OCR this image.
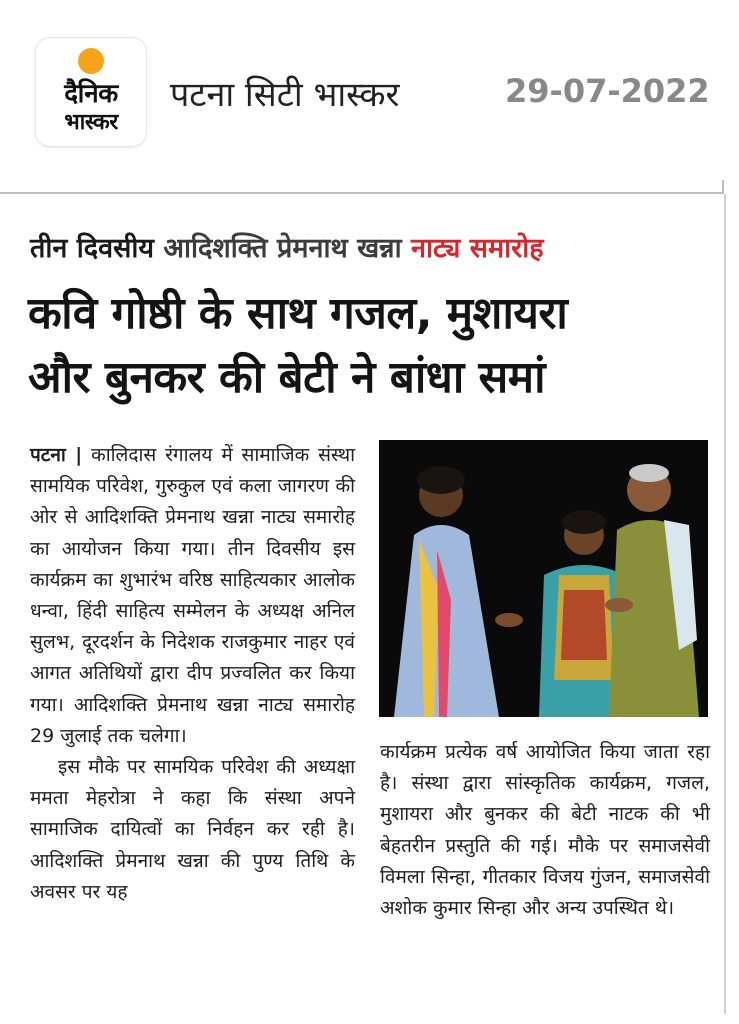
दैनिक
भास्कर
पटना सिटी भास्कर	29-07-2022
तीन दिवसीय आदिशक्ति प्रेमनाथ खन्ना नाट्य समारोह
कवि गोष्ठी के साथ गजल, मुशायरा
और बुनकर की बेटी ने बांधा समां

पटना | कालिदास रंगालय में सामाजिक संस्था सामयिक परिवेश, गुरुकुल एवं कला जागरण की ओर से आदिशक्ति प्रेमनाथ खन्ना नाट्य समारोह का आयोजन किया गया। तीन दिवसीय इस कार्यक्रम का शुभारंभ वरिष्ठ साहित्यकार आलोक धन्वा, हिंदी साहित्य सम्मेलन के अध्यक्ष अनिल सुलभ, दूरदर्शन के निदेशक राजकुमार नाहर एवं आगत अतिथियों द्वारा दीप प्रज्वलित कर किया गया। आदिशक्ति प्रेमनाथ खन्ना नाट्य समारोह 29 जुलाई तक चलेगा।

इस मौके पर सामयिक परिवेश की अध्यक्षा ममता मेहरोत्रा ने कहा कि संस्था अपने सामाजिक दायित्वों का निर्वहन कर रही है। आदिशक्ति प्रेमनाथ खन्ना की पुण्य तिथि के अवसर पर यह

कार्यक्रम प्रत्येक वर्ष आयोजित किया जाता रहा है। संस्था द्वारा सांस्कृतिक कार्यक्रम, गजल, मुशायरा और बुनकर की बेटी नाटक की भी बेहतरीन प्रस्तुति की गई। मौके पर समाजसेवी विमला सिन्हा, गीतकार विजय गुंजन, समाजसेवी अशोक कुमार सिन्हा और अन्य उपस्थित थे।
